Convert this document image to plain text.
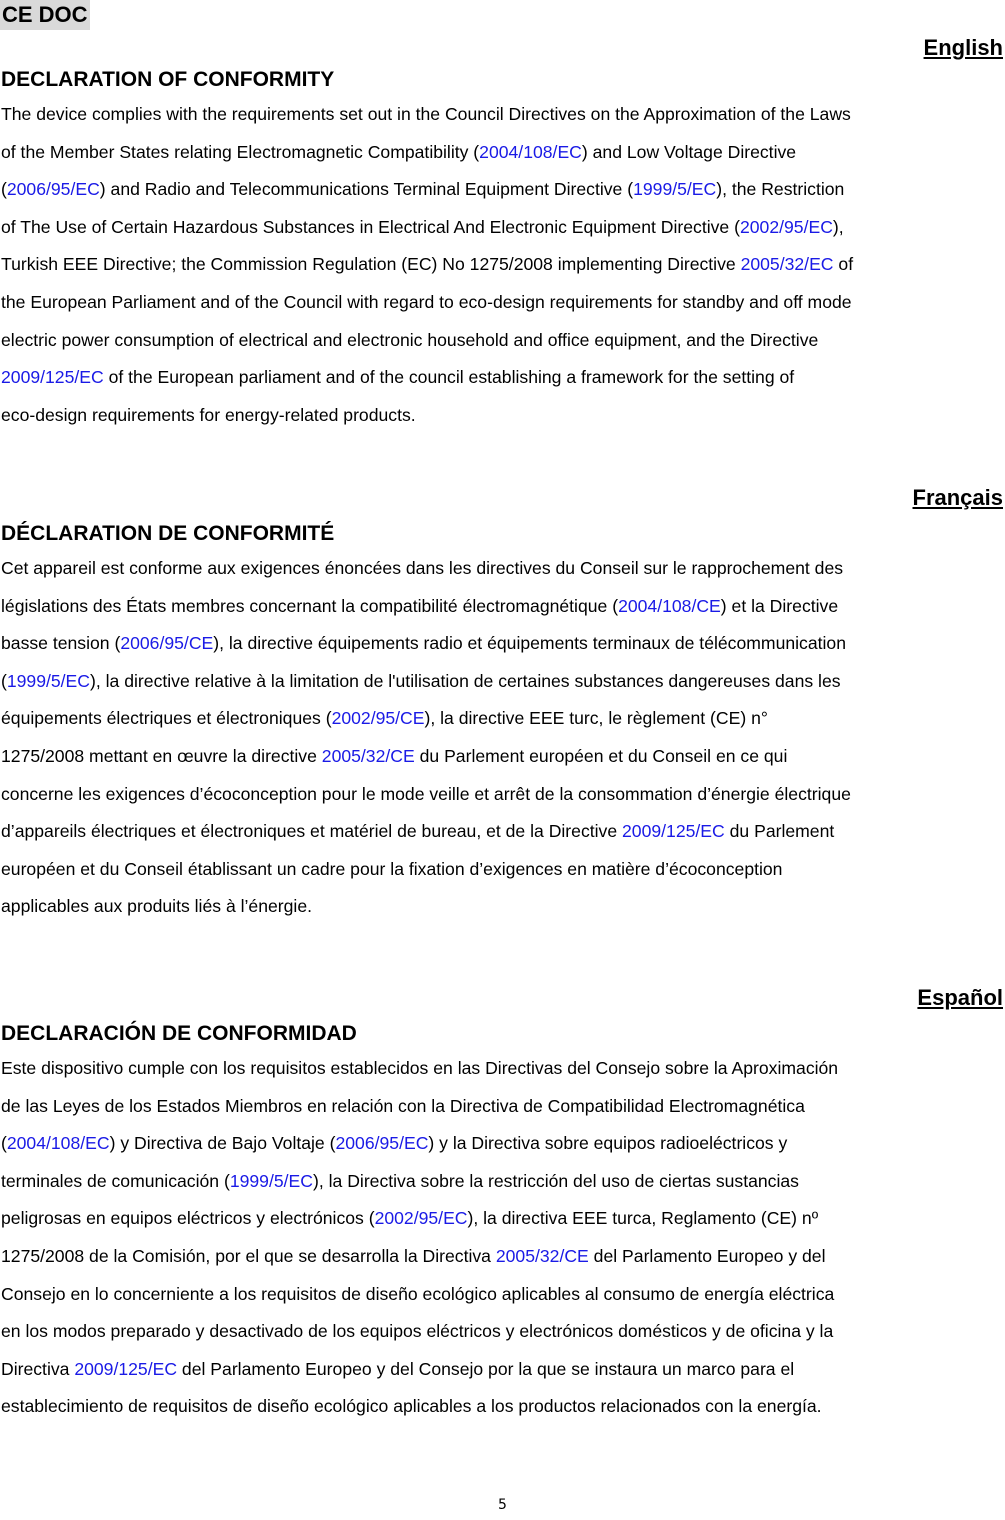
CE DOC
English
DECLARATION OF CONFORMITY
The device complies with the requirements set out in the Council Directives on the Approximation of the Laws
of the Member States relating Electromagnetic Compatibility (2004/108/EC) and Low Voltage Directive
(2006/95/EC) and Radio and Telecommunications Terminal Equipment Directive (1999/5/EC), the Restriction
of The Use of Certain Hazardous Substances in Electrical And Electronic Equipment Directive (2002/95/EC),
Turkish EEE Directive; the Commission Regulation (EC) No 1275/2008 implementing Directive 2005/32/EC of
the European Parliament and of the Council with regard to eco-design requirements for standby and off mode
electric power consumption of electrical and electronic household and office equipment, and the Directive
2009/125/EC of the European parliament and of the council establishing a framework for the setting of
eco-design requirements for energy-related products.
Français
DÉCLARATION DE CONFORMITÉ
Cet appareil est conforme aux exigences énoncées dans les directives du Conseil sur le rapprochement des
législations des États membres concernant la compatibilité électromagnétique (2004/108/CE) et la Directive
basse tension (2006/95/CE), la directive équipements radio et équipements terminaux de télécommunication
(1999/5/EC), la directive relative à la limitation de l'utilisation de certaines substances dangereuses dans les
équipements électriques et électroniques (2002/95/CE), la directive EEE turc, le règlement (CE) n°
1275/2008 mettant en œuvre la directive 2005/32/CE du Parlement européen et du Conseil en ce qui
concerne les exigences d’écoconception pour le mode veille et arrêt de la consommation d’énergie électrique
d’appareils électriques et électroniques et matériel de bureau, et de la Directive 2009/125/EC du Parlement
européen et du Conseil établissant un cadre pour la fixation d’exigences en matière d’écoconception
applicables aux produits liés à l’énergie.
Español
DECLARACIÓN DE CONFORMIDAD
Este dispositivo cumple con los requisitos establecidos en las Directivas del Consejo sobre la Aproximación
de las Leyes de los Estados Miembros en relación con la Directiva de Compatibilidad Electromagnética
(2004/108/EC) y Directiva de Bajo Voltaje (2006/95/EC) y la Directiva sobre equipos radioeléctricos y
terminales de comunicación (1999/5/EC), la Directiva sobre la restricción del uso de ciertas sustancias
peligrosas en equipos eléctricos y electrónicos (2002/95/EC), la directiva EEE turca, Reglamento (CE) nº
1275/2008 de la Comisión, por el que se desarrolla la Directiva 2005/32/CE del Parlamento Europeo y del
Consejo en lo concerniente a los requisitos de diseño ecológico aplicables al consumo de energía eléctrica
en los modos preparado y desactivado de los equipos eléctricos y electrónicos domésticos y de oficina y la
Directiva 2009/125/EC del Parlamento Europeo y del Consejo por la que se instaura un marco para el
establecimiento de requisitos de diseño ecológico aplicables a los productos relacionados con la energía.
5
